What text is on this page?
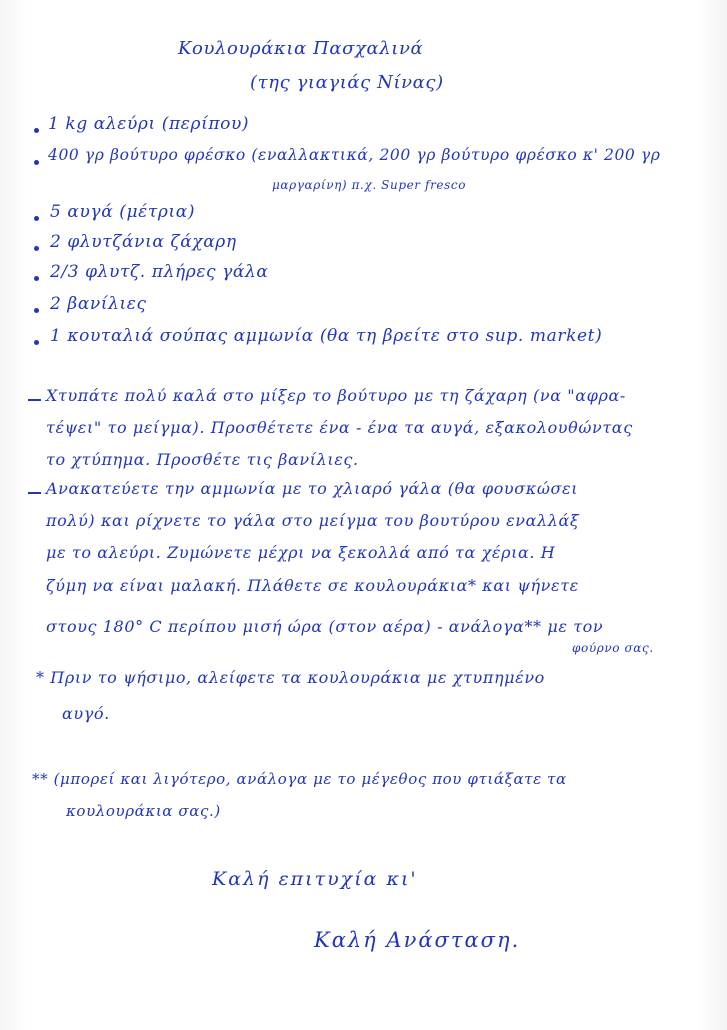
Κουλουράκια Πασχαλινά
(της γιαγιάς Νίνας)
1 kg αλεύρι (περίπου)
400 γρ βούτυρο φρέσκο (εναλλακτικά, 200 γρ βούτυρο φρέσκο κ' 200 γρ
μαργαρίνη) π.χ. Super fresco
5 αυγά (μέτρια)
2 φλυτζάνια ζάχαρη
2/3 φλυτζ. πλήρες γάλα
2 βανίλιες
1 κουταλιά σούπας αμμωνία (θα τη βρείτε στο sup. market)
Χτυπάτε πολύ καλά στο μίξερ το βούτυρο με τη ζάχαρη (να "αφρα-
τέψει" το μείγμα). Προσθέτετε ένα - ένα τα αυγά, εξακολουθώντας
το χτύπημα. Προσθέτε τις βανίλιες.
Ανακατεύετε την αμμωνία με το χλιαρό γάλα (θα φουσκώσει
πολύ) και ρίχνετε το γάλα στο μείγμα του βουτύρου εναλλάξ
με το αλεύρι. Ζυμώνετε μέχρι να ξεκολλά από τα χέρια. Η
ζύμη να είναι μαλακή. Πλάθετε σε κουλουράκια* και ψήνετε
στους 180° C περίπου μισή ώρα (στον αέρα) - ανάλογα** με τον
φούρνο σας.
* Πριν το ψήσιμο, αλείφετε τα κουλουράκια με χτυπημένο
αυγό.
** (μπορεί και λιγότερο, ανάλογα με το μέγεθος που φτιάξατε τα
κουλουράκια σας.)
Καλή επιτυχία κι'
Καλή Ανάσταση.
